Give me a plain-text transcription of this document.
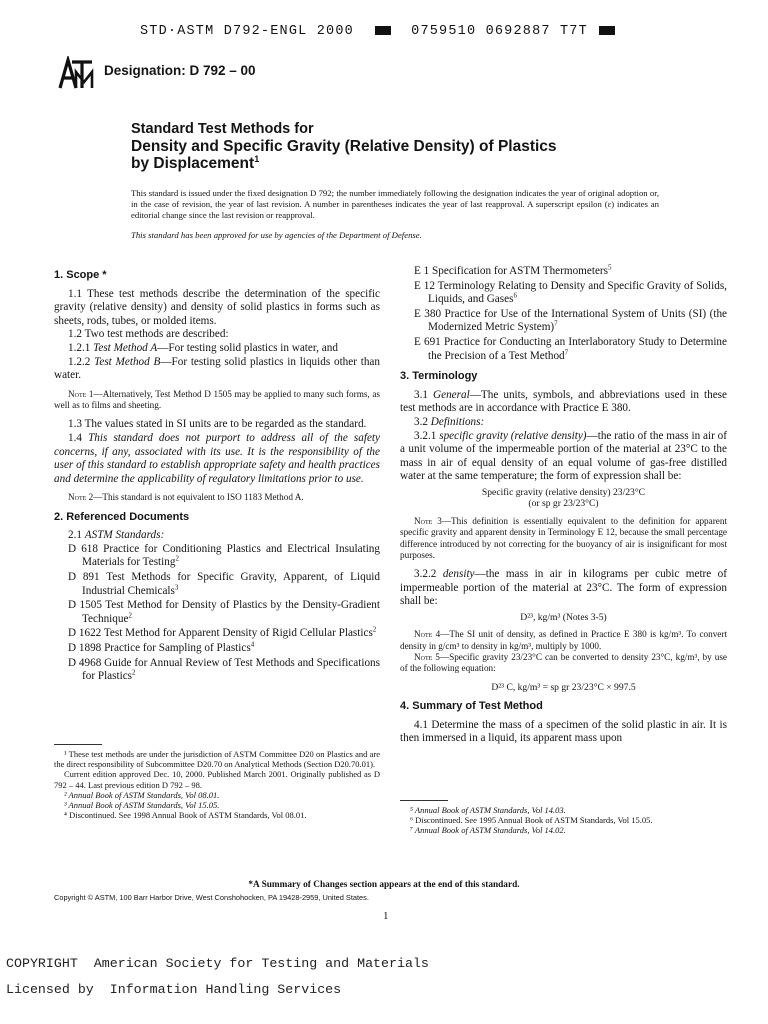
STD·ASTM D792-ENGL 2000	0759510 0692887 T7T
Designation: D 792 – 00
Standard Test Methods for
Density and Specific Gravity (Relative Density) of Plastics
by Displacement$^1$
This standard is issued under the fixed designation D 792; the number immediately following the designation indicates the year of original adoption or, in the case of revision, the year of last revision. A number in parentheses indicates the year of last reapproval. A superscript epsilon (ε) indicates an editorial change since the last revision or reapproval.
This standard has been approved for use by agencies of the Department of Defense.
1. Scope *

1.1 These test methods describe the determination of the specific gravity (relative density) and density of solid plastics in forms such as sheets, rods, tubes, or molded items.

1.2 Two test methods are described:

1.2.1 Test Method A—For testing solid plastics in water, and

1.2.2 Test Method B—For testing solid plastics in liquids other than water.

Note 1—Alternatively, Test Method D 1505 may be applied to many such forms, as well as to films and sheeting.

1.3 The values stated in SI units are to be regarded as the standard.

1.4 This standard does not purport to address all of the safety concerns, if any, associated with its use. It is the responsibility of the user of this standard to establish appropriate safety and health practices and determine the applicability of regulatory limitations prior to use.

Note 2—This standard is not equivalent to ISO 1183 Method A.

2. Referenced Documents

2.1 ASTM Standards:

D 618 Practice for Conditioning Plastics and Electrical Insulating Materials for Testing$^2$

D 891 Test Methods for Specific Gravity, Apparent, of Liquid Industrial Chemicals$^3$

D 1505 Test Method for Density of Plastics by the Density-Gradient Technique$^2$

D 1622 Test Method for Apparent Density of Rigid Cellular Plastics$^2$

D 1898 Practice for Sampling of Plastics$^4$

D 4968 Guide for Annual Review of Test Methods and Specifications for Plastics$^2$

E 1 Specification for ASTM Thermometers$^5$

E 12 Terminology Relating to Density and Specific Gravity of Solids, Liquids, and Gases$^6$

E 380 Practice for Use of the International System of Units (SI) (the Modernized Metric System)$^7$

E 691 Practice for Conducting an Interlaboratory Study to Determine the Precision of a Test Method$^7$

3. Terminology

3.1 General—The units, symbols, and abbreviations used in these test methods are in accordance with Practice E 380.

3.2 Definitions:

3.2.1 specific gravity (relative density)—the ratio of the mass in air of a unit volume of the impermeable portion of the material at 23°C to the mass in air of equal density of an equal volume of gas-free distilled water at the same temperature; the form of expression shall be:

Specific gravity (relative density) 23/23°C
(or sp gr 23/23°C)

Note 3—This definition is essentially equivalent to the definition for apparent specific gravity and apparent density in Terminology E 12, because the small percentage difference introduced by not correcting for the buoyancy of air is insignificant for most purposes.

3.2.2 density—the mass in air in kilograms per cubic metre of impermeable portion of the material at 23°C. The form of expression shall be:

D²³, kg/m³ (Notes 3-5)

Note 4—The SI unit of density, as defined in Practice E 380 is kg/m³. To convert density in g/cm³ to density in kg/m³, multiply by 1000.

Note 5—Specific gravity 23/23°C can be converted to density 23°C, kg/m³, by use of the following equation:

D²³ C, kg/m³ = sp gr 23/23°C × 997.5
4. Summary of Test Method

4.1 Determine the mass of a specimen of the solid plastic in air. It is then immersed in a liquid, its apparent mass upon

¹ These test methods are under the jurisdiction of ASTM Committee D20 on Plastics and are the direct responsibility of Subcommittee D20.70 on Analytical Methods (Section D20.70.01).

Current edition approved Dec. 10, 2000. Published March 2001. Originally published as D 792 – 44. Last previous edition D 792 – 98.

² Annual Book of ASTM Standards, Vol 08.01.

³ Annual Book of ASTM Standards, Vol 15.05.

⁴ Discontinued. See 1998 Annual Book of ASTM Standards, Vol 08.01.

⁵ Annual Book of ASTM Standards, Vol 14.03.

⁶ Discontinued. See 1995 Annual Book of ASTM Standards, Vol 15.05.

⁷ Annual Book of ASTM Standards, Vol 14.02.

*A Summary of Changes section appears at the end of this standard.
Copyright © ASTM, 100 Barr Harbor Drive, West Conshohocken, PA 19428-2959, United States.
1
COPYRIGHT  American Society for Testing and Materials
Licensed by  Information Handling Services
